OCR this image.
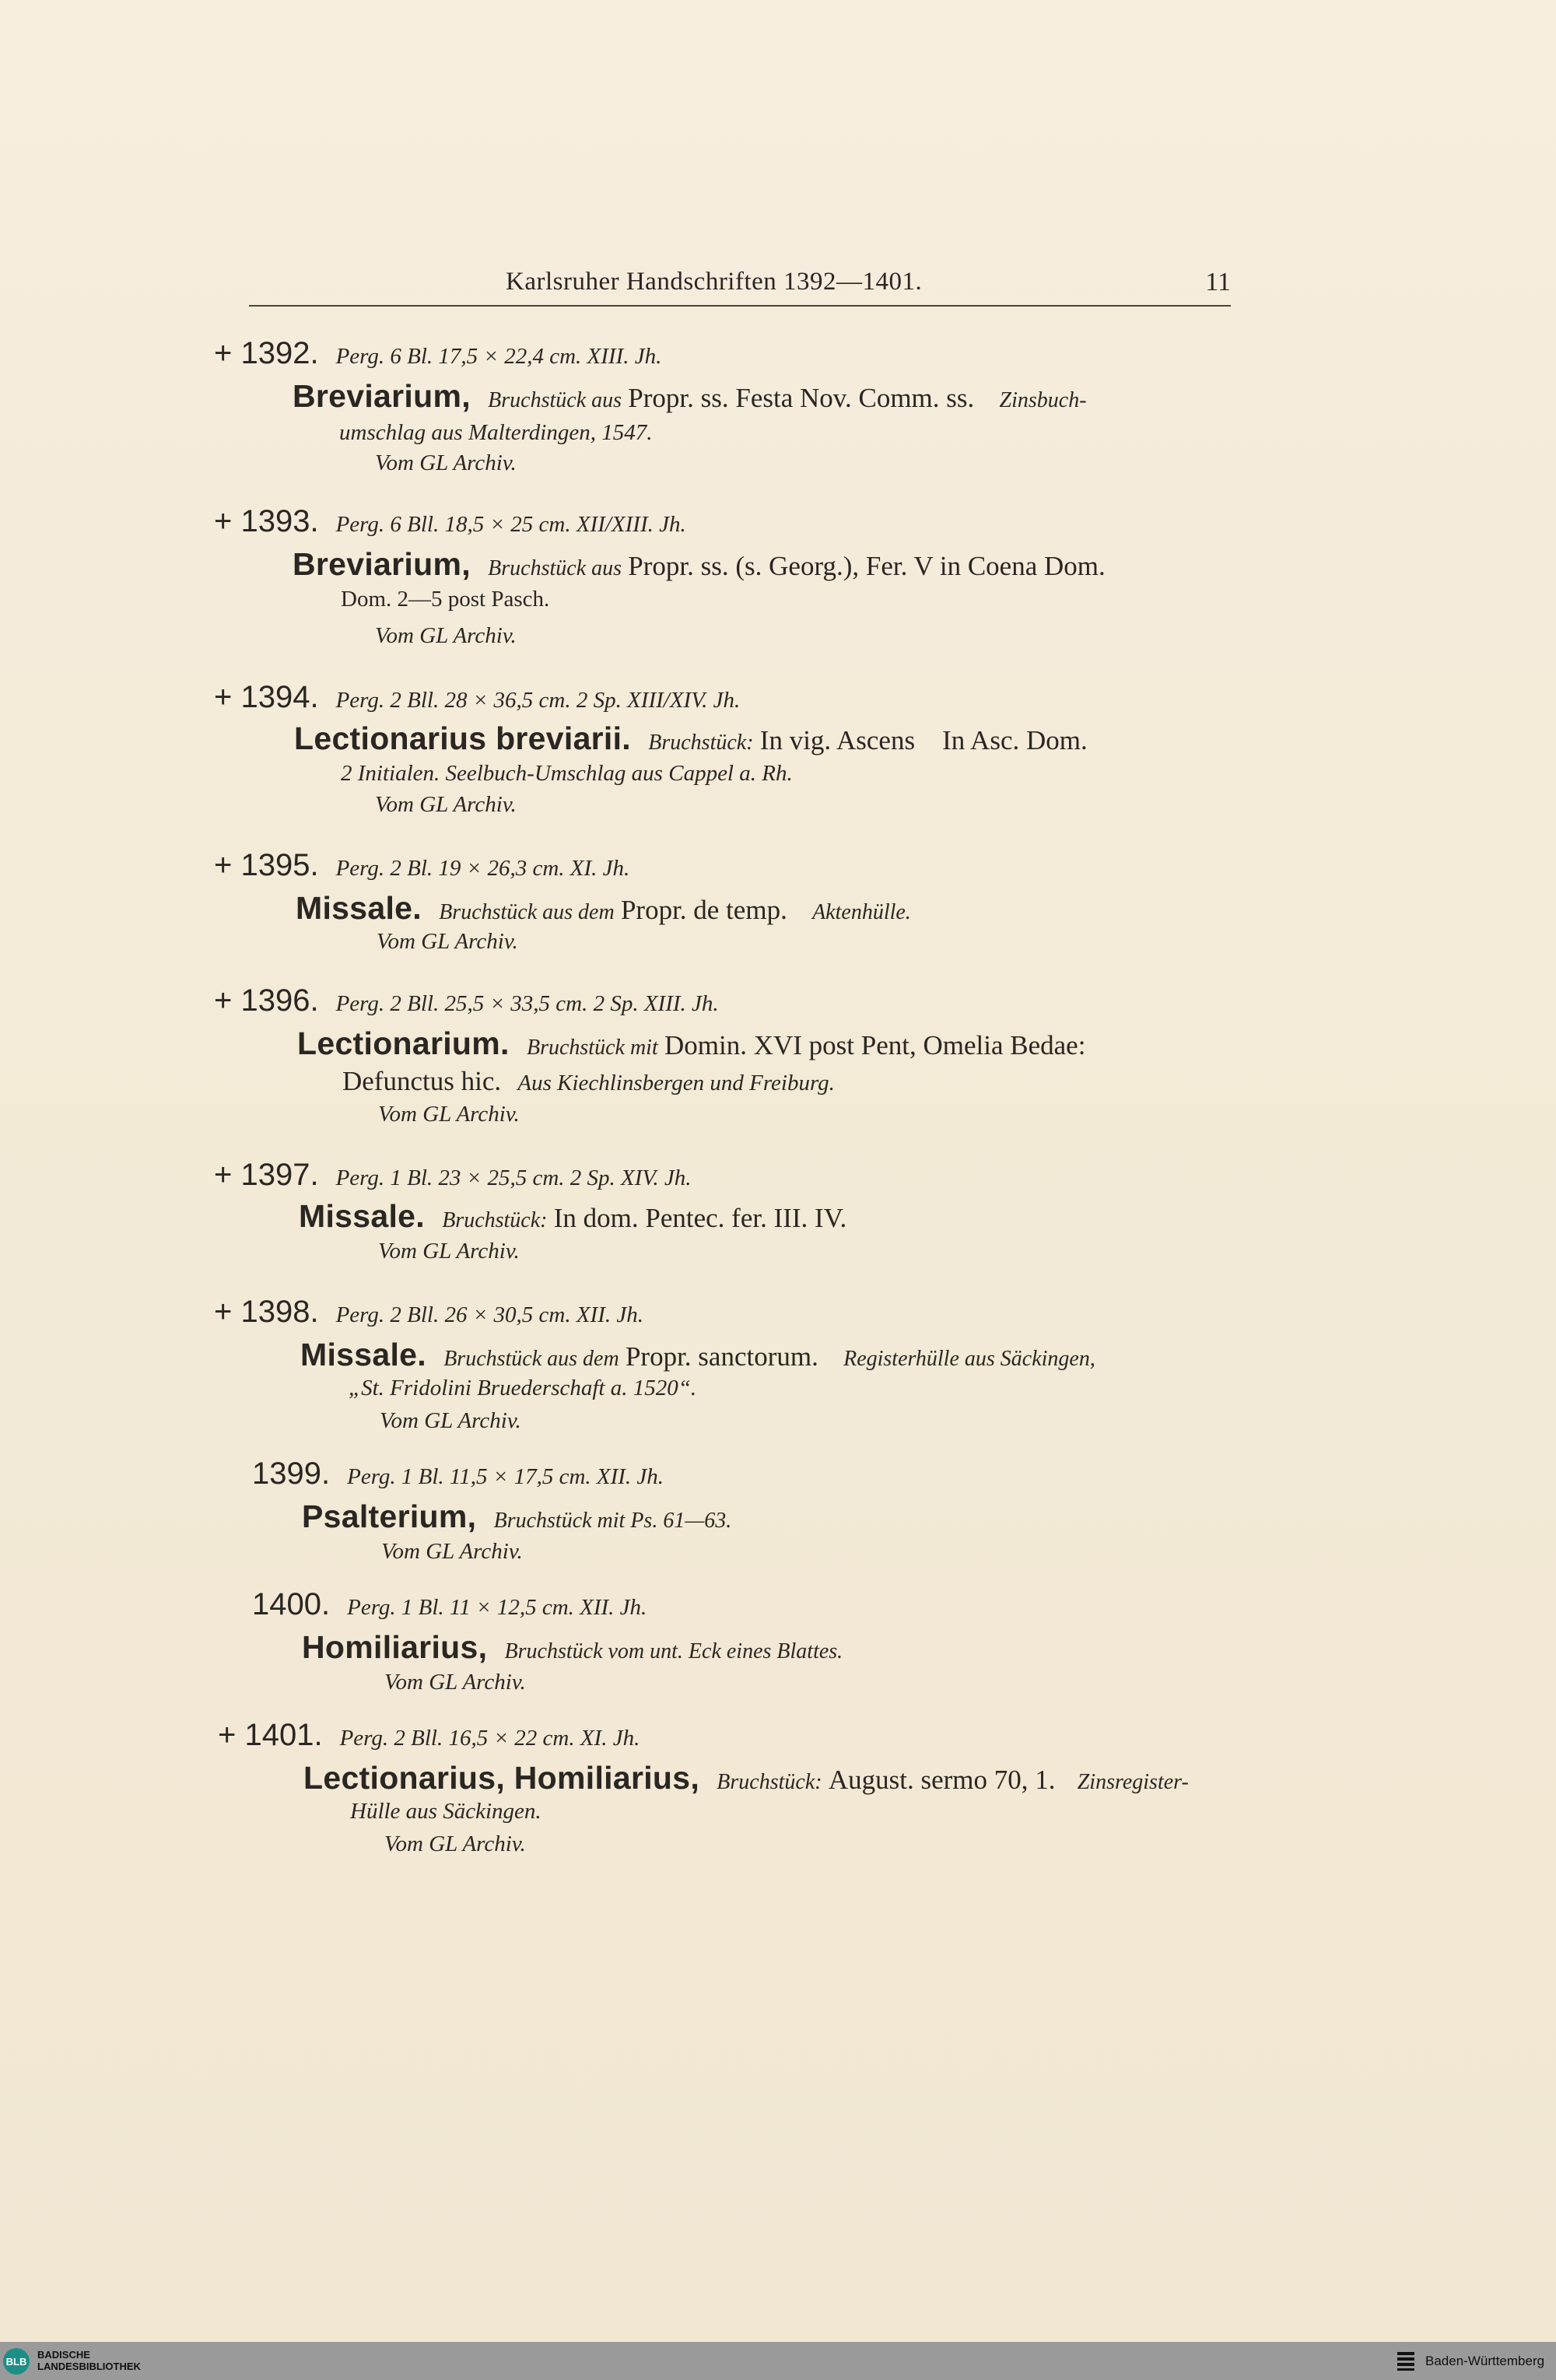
Karlsruher Handschriften 1392—1401.	11
+ 1392. Perg. 6 Bl. 17,5 × 22,4 cm. XIII. Jh.
Breviarium, Bruchstück aus Propr. ss. Festa Nov. Comm. ss. Zinsbuch-
umschlag aus Malterdingen, 1547.
Vom GL Archiv.
+ 1393. Perg. 6 Bll. 18,5 × 25 cm. XII/XIII. Jh.
Breviarium, Bruchstück aus Propr. ss. (s. Georg.), Fer. V in Coena Dom.
Dom. 2—5 post Pasch.
Vom GL Archiv.
+ 1394. Perg. 2 Bll. 28 × 36,5 cm. 2 Sp. XIII/XIV. Jh.
Lectionarius breviarii. Bruchstück: In vig. Ascens    In Asc. Dom.
2 Initialen. Seelbuch-Umschlag aus Cappel a. Rh.
Vom GL Archiv.
+ 1395. Perg. 2 Bl. 19 × 26,3 cm. XI. Jh.
Missale. Bruchstück aus dem Propr. de temp. Aktenhülle.
Vom GL Archiv.
+ 1396. Perg. 2 Bll. 25,5 × 33,5 cm. 2 Sp. XIII. Jh.
Lectionarium. Bruchstück mit Domin. XVI post Pent, Omelia Bedae:
Defunctus hic. Aus Kiechlinsbergen und Freiburg.
Vom GL Archiv.
+ 1397. Perg. 1 Bl. 23 × 25,5 cm. 2 Sp. XIV. Jh.
Missale. Bruchstück: In dom. Pentec. fer. III. IV.
Vom GL Archiv.
+ 1398. Perg. 2 Bll. 26 × 30,5 cm. XII. Jh.
Missale. Bruchstück aus dem Propr. sanctorum. Registerhülle aus Säckingen,
„St. Fridolini Bruederschaft a. 1520“.
Vom GL Archiv.
1399. Perg. 1 Bl. 11,5 × 17,5 cm. XII. Jh.
Psalterium, Bruchstück mit Ps. 61—63.
Vom GL Archiv.
1400. Perg. 1 Bl. 11 × 12,5 cm. XII. Jh.
Homiliarius, Bruchstück vom unt. Eck eines Blattes.
Vom GL Archiv.
+ 1401. Perg. 2 Bll. 16,5 × 22 cm. XI. Jh.
Lectionarius, Homiliarius, Bruchstück: August. sermo 70, 1. Zinsregister-
Hülle aus Säckingen.
Vom GL Archiv.
BLB
BADISCHE
LANDESBIBLIOTHEK	Baden-Württemberg
